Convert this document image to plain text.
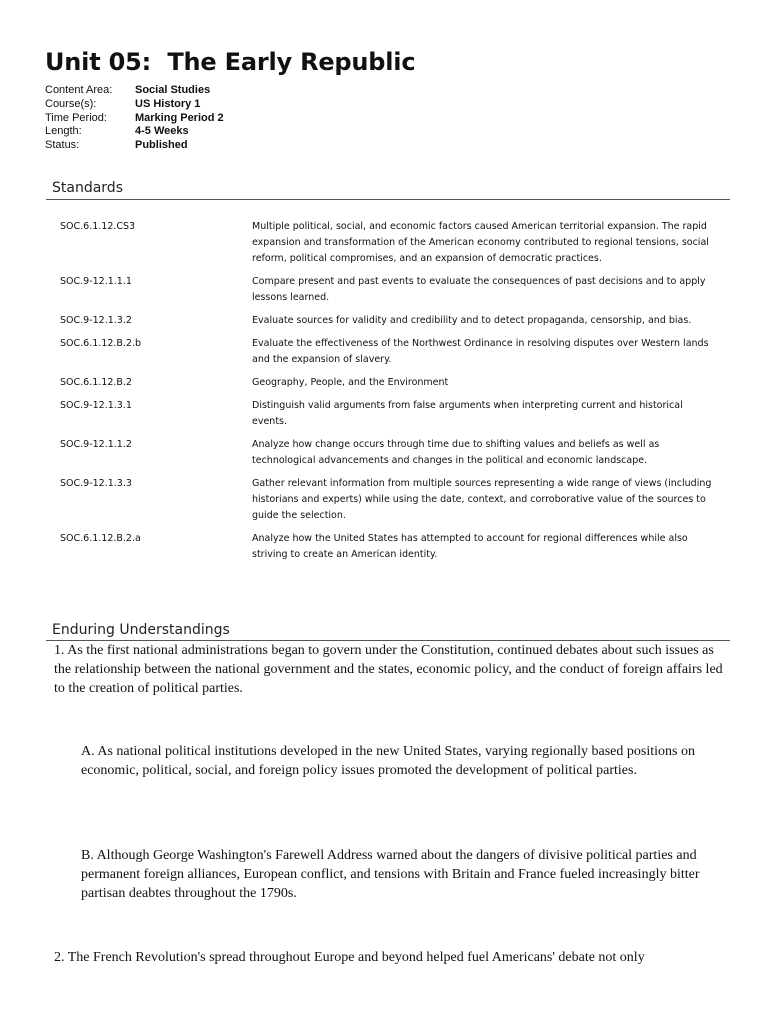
Unit 05:  The Early Republic
Content Area:	Social Studies
Course(s):	US History 1
Time Period:	Marking Period 2
Length:	4-5 Weeks
Status:	Published
Standards
SOC.6.1.12.CS3	Multiple political, social, and economic factors caused American territorial expansion. The rapid expansion and transformation of the American economy contributed to regional tensions, social reform, political compromises, and an expansion of democratic practices.
SOC.9-12.1.1.1	Compare present and past events to evaluate the consequences of past decisions and to apply lessons learned.
SOC.9-12.1.3.2	Evaluate sources for validity and credibility and to detect propaganda, censorship, and bias.
SOC.6.1.12.B.2.b	Evaluate the effectiveness of the Northwest Ordinance in resolving disputes over Western lands and the expansion of slavery.
SOC.6.1.12.B.2	Geography, People, and the Environment
SOC.9-12.1.3.1	Distinguish valid arguments from false arguments when interpreting current and historical events.
SOC.9-12.1.1.2	Analyze how change occurs through time due to shifting values and beliefs as well as technological advancements and changes in the political and economic landscape.
SOC.9-12.1.3.3	Gather relevant information from multiple sources representing a wide range of views (including historians and experts) while using the date, context, and corroborative value of the sources to guide the selection.
SOC.6.1.12.B.2.a	Analyze how the United States has attempted to account for regional differences while also striving to create an American identity.
Enduring Understandings
1. As the first national administrations began to govern under the Constitution, continued debates about such issues as the relationship between the national government and the states, economic policy, and the conduct of foreign affairs led to the creation of political parties.
A. As national political institutions developed in the new United States, varying regionally based positions on economic, political, social, and foreign policy issues promoted the development of political parties.
B. Although George Washington's Farewell Address warned about the dangers of divisive political parties and permanent foreign alliances, European conflict, and tensions with Britain and France fueled increasingly bitter partisan deabtes throughout the 1790s.
2. The French Revolution's spread throughout Europe and beyond helped fuel Americans' debate not only
